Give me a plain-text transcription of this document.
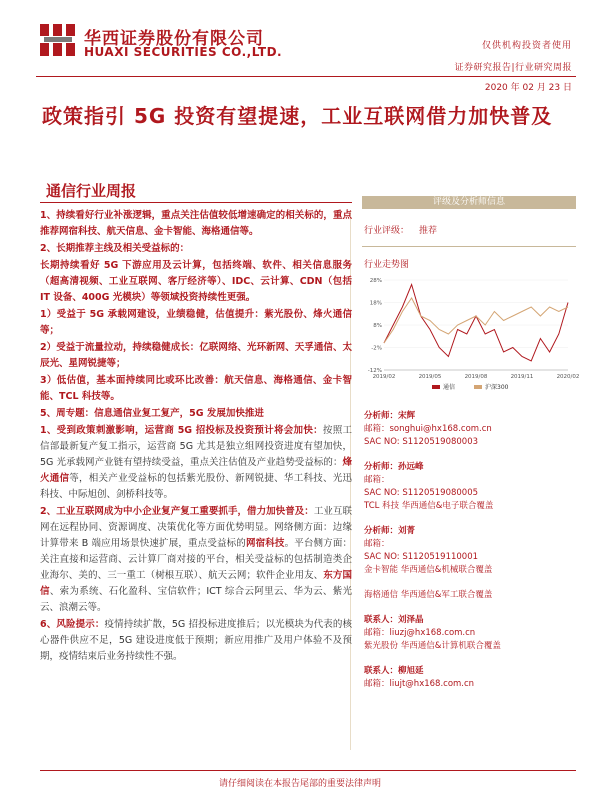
华西证券股份有限公司
HUAXI SECURITIES CO.,LTD.	仅供机构投资者使用
证券研究报告|行业研究周报
2020 年 02 月 23 日
政策指引 5G 投资有望提速，工业互联网借力加快普及
通信行业周报

1、持续看好行业补涨逻辑，重点关注估值较低增速确定的相关标的，重点推荐网宿科技、航天信息、金卡智能、海格通信等。

2、长期推荐主线及相关受益标的：

长期持续看好 5G 下游应用及云计算，包括终端、软件、相关信息服务（超高清视频、工业互联网、客厅经济等）、IDC、云计算、CDN（包括 IT 设备、400G 光模块）等领域投资持续性更强。

1）受益于 5G 承载网建设，业绩稳健，估值提升：紫光股份、烽火通信等；

2）受益于流量拉动，持续稳健成长：亿联网络、光环新网、天孚通信、太辰光、星网锐捷等；

3）低估值，基本面持续同比或环比改善：航天信息、海格通信、金卡智能、TCL 科技等。

5、周专题：信息通信业复工复产，5G 发展加快推进

1、受到政策刺激影响，运营商 5G 招投标及投资预计将会加快：按照工信部最新复产复工指示，运营商 5G 尤其是独立组网投资进度有望加快，5G 光承载网产业链有望持续受益，重点关注估值及产业趋势受益标的：烽火通信等，相关产业受益标的包括紫光股份、新网锐捷、华工科技、光迅科技、中际旭创、剑桥科技等。

2、工业互联网成为中小企业复产复工重要抓手，借力加快普及：工业互联网在远程协同、资源调度、决策优化等方面优势明显。网络侧方面：边缘计算带来 B 端应用场景快速扩展，重点受益标的网宿科技。平台侧方面：关注直接和运营商、云计算厂商对接的平台，相关受益标的包括制造类企业海尔、美的、三一重工（树根互联）、航天云网；软件企业用友、东方国信、索为系统、石化盈科、宝信软件；ICT 综合云阿里云、华为云、紫光云、浪潮云等。

6、风险提示：疫情持续扩散，5G 招投标进度推后；以光模块为代表的核心器件供应不足，5G 建设进度低于预期；新应用推广及用户体验不及预期，疫情结束后业务持续性不强。

评级及分析师信息
行业评级： 推荐
行业走势图
28%
18%
8%
-2%
-12%
2019/02	2019/05	2019/08	2019/11	2020/02
通信	沪深300
分析师：宋辉
邮箱：songhui@hx168.com.cn
SAC NO: S1120519080003
分析师：孙远峰
邮箱：
SAC NO: S1120519080005
TCL 科技 华西通信&电子联合覆盖
分析师：刘菁
邮箱：
SAC NO: S1120519110001
金卡智能 华西通信&机械联合覆盖
海格通信 华西通信&军工联合覆盖
联系人：刘泽晶
邮箱：liuzj@hx168.com.cn
紫光股份 华西通信&计算机联合覆盖
联系人：柳旭延
邮箱：liujt@hx168.com.cn
请仔细阅读在本报告尾部的重要法律声明
